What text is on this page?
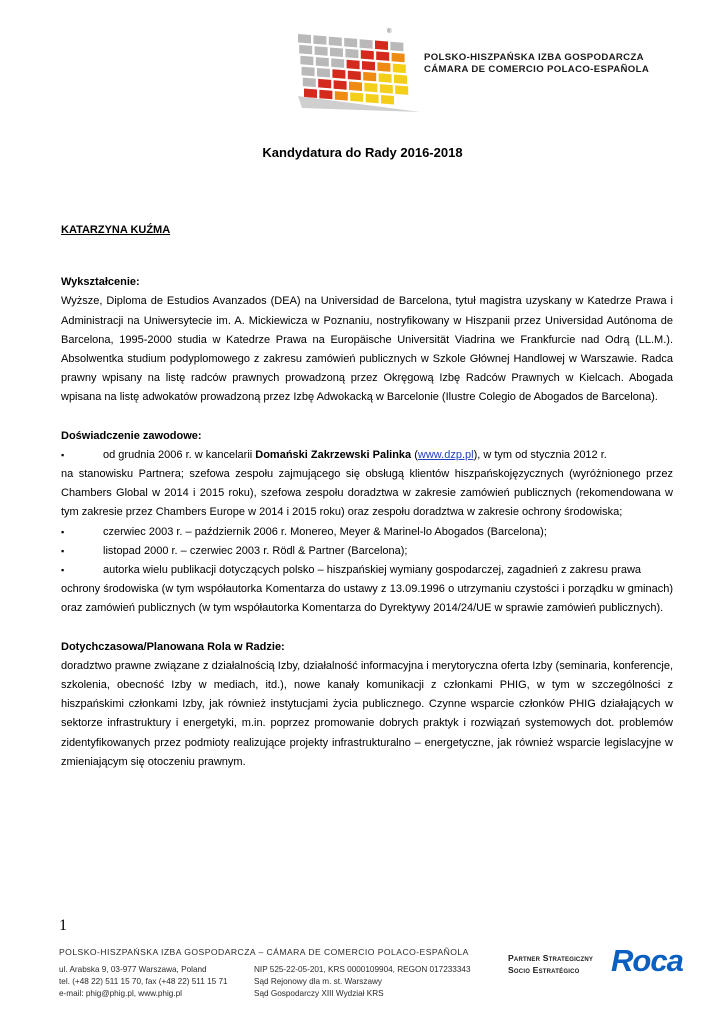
®
POLSKO-HISZPAŃSKA IZBA GOSPODARCZA
CÁMARA DE COMERCIO POLACO-ESPAÑOLA
Kandydatura do Rady 2016-2018

KATARZYNA KUŹMA

Wykształcenie:

Wyższe, Diploma de Estudios Avanzados (DEA) na Universidad de Barcelona, tytuł magistra uzyskany w Katedrze Prawa i Administracji na Uniwersytecie im. A. Mickiewicza w Poznaniu, nostryfikowany w Hiszpanii przez Universidad Autónoma de Barcelona, 1995-2000 studia w Katedrze Prawa na Europäische Universität Viadrina we Frankfurcie nad Odrą (LL.M.). Absolwentka studium podyplomowego z zakresu zamówień publicznych w Szkole Głównej Handlowej w Warszawie. Radca prawny wpisany na listę radców prawnych prowadzoną przez Okręgową Izbę Radców Prawnych w Kielcach. Abogada wpisana na listę adwokatów prowadzoną przez Izbę Adwokacką w Barcelonie (Ilustre Colegio de Abogados de Barcelona).

Doświadczenie zawodowe:

▪	od grudnia 2006 r. w kancelarii Domański Zakrzewski Palinka (www.dzp.pl), w tym od stycznia 2012 r.

na stanowisku Partnera; szefowa zespołu zajmującego się obsługą klientów hiszpańskojęzycznych (wyróżnionego przez Chambers Global w 2014 i 2015 roku), szefowa zespołu doradztwa w zakresie zamówień publicznych (rekomendowana w tym zakresie przez Chambers Europe w 2014 i 2015 roku) oraz zespołu doradztwa w zakresie ochrony środowiska;

▪	czerwiec 2003 r. – październik 2006 r. Monereo, Meyer & Marinel-lo Abogados (Barcelona);
▪	listopad 2000 r. – czerwiec 2003 r. Rödl & Partner (Barcelona);
▪	autorka wielu publikacji dotyczących polsko – hiszpańskiej wymiany gospodarczej, zagadnień z zakresu prawa

ochrony środowiska (w tym współautorka Komentarza do ustawy z 13.09.1996 o utrzymaniu czystości i porządku w gminach) oraz zamówień publicznych (w tym współautorka Komentarza do Dyrektywy 2014/24/UE w sprawie zamówień publicznych).

Dotychczasowa/Planowana Rola w Radzie:

doradztwo prawne związane z działalnością Izby, działalność informacyjna i merytoryczna oferta Izby (seminaria, konferencje, szkolenia, obecność Izby w mediach, itd.), nowe kanały komunikacji z członkami PHIG, w tym w szczególności z hiszpańskimi członkami Izby, jak również instytucjami życia publicznego. Czynne wsparcie członków PHIG działających w sektorze infrastruktury i energetyki, m.in. poprzez promowanie dobrych praktyk i rozwiązań systemowych dot. problemów zidentyfikowanych przez podmioty realizujące projekty infrastrukturalno – energetyczne, jak również wsparcie legislacyjne w zmieniającym się otoczeniu prawnym.

1
POLSKO-HISZPAŃSKA IZBA GOSPODARCZA – CÁMARA DE COMERCIO POLACO-ESPAÑOLA
ul. Arabska 9, 03-977 Warszawa, Poland
tel. (+48 22) 511 15 70, fax (+48 22) 511 15 71
e-mail: phig@phig.pl, www.phig.pl
NIP 525-22-05-201, KRS 0000109904, REGON 017233343
Sąd Rejonowy dla m. st. Warszawy
Sąd Gospodarczy XIII Wydział KRS
Partner Strategiczny
Socio Estratégico	Roca
